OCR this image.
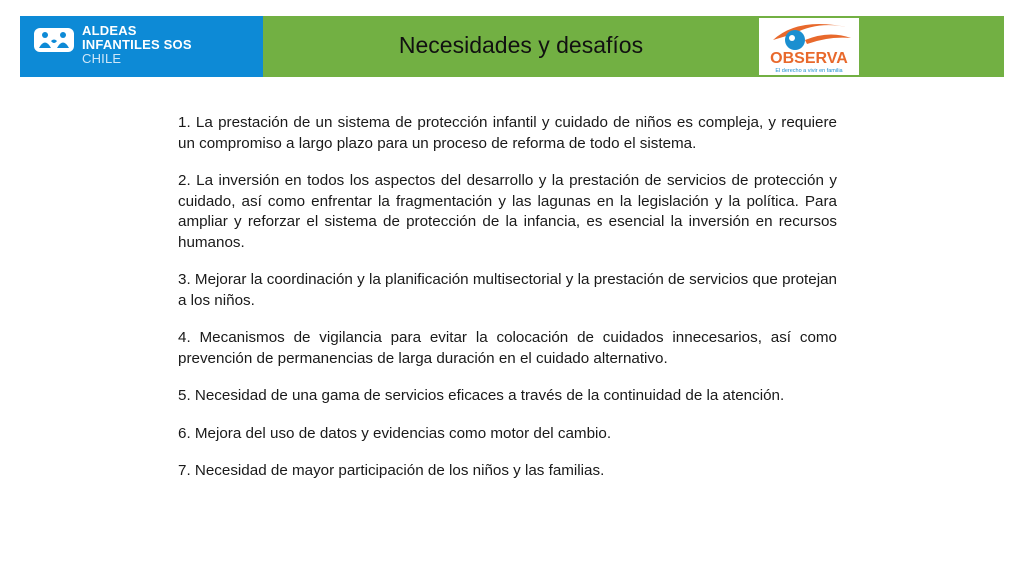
ALDEAS
INFANTILES SOS
CHILE
Necesidades y desafíos
OBSERVA
El derecho a vivir en familia

1. La prestación de un sistema de protección infantil y cuidado de niños es compleja, y requiere un compromiso a largo plazo para un proceso de reforma de todo el sistema.

2. La inversión en todos los aspectos del desarrollo y la prestación de servicios de protección y cuidado, así como enfrentar la fragmentación y las lagunas en la legislación y la política. Para ampliar y reforzar el sistema de protección de la infancia, es esencial la inversión en recursos humanos.

3. Mejorar la coordinación y la planificación multisectorial y la prestación de servicios que protejan a los niños.

4. Mecanismos de vigilancia para evitar la colocación de cuidados innecesarios, así como prevención de permanencias de larga duración en el cuidado alternativo.

5. Necesidad de una gama de servicios eficaces a través de la continuidad de la atención.

6. Mejora del uso de datos y evidencias como motor del cambio.

7. Necesidad de mayor participación de los niños y las familias.
